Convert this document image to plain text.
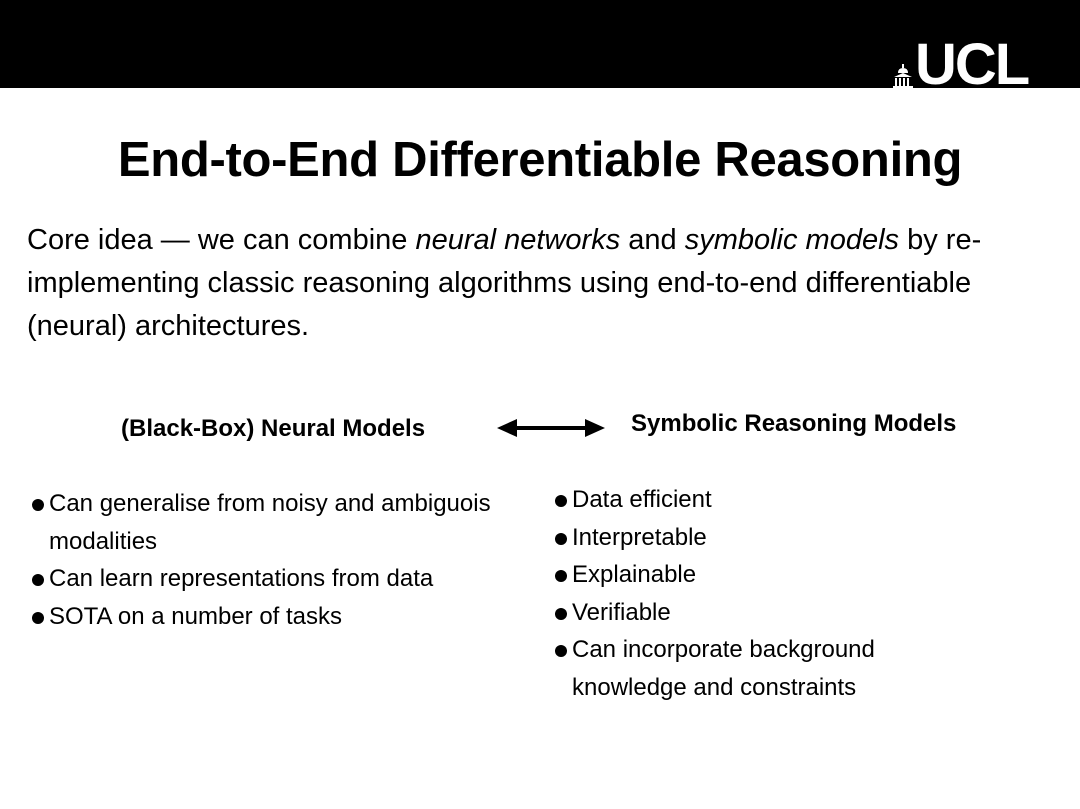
UCL
End-to-End Differentiable Reasoning
Core idea — we can combine neural networks and symbolic models by re-implementing classic reasoning algorithms using end-to-end differentiable (neural) architectures.
(Black-Box) Neural Models	Symbolic Reasoning Models
Can generalise from noisy and ambiguois modalities
Can learn representations from data
SOTA on a number of tasks
Data efficient
Interpretable
Explainable
Verifiable
Can incorporate background knowledge and constraints
